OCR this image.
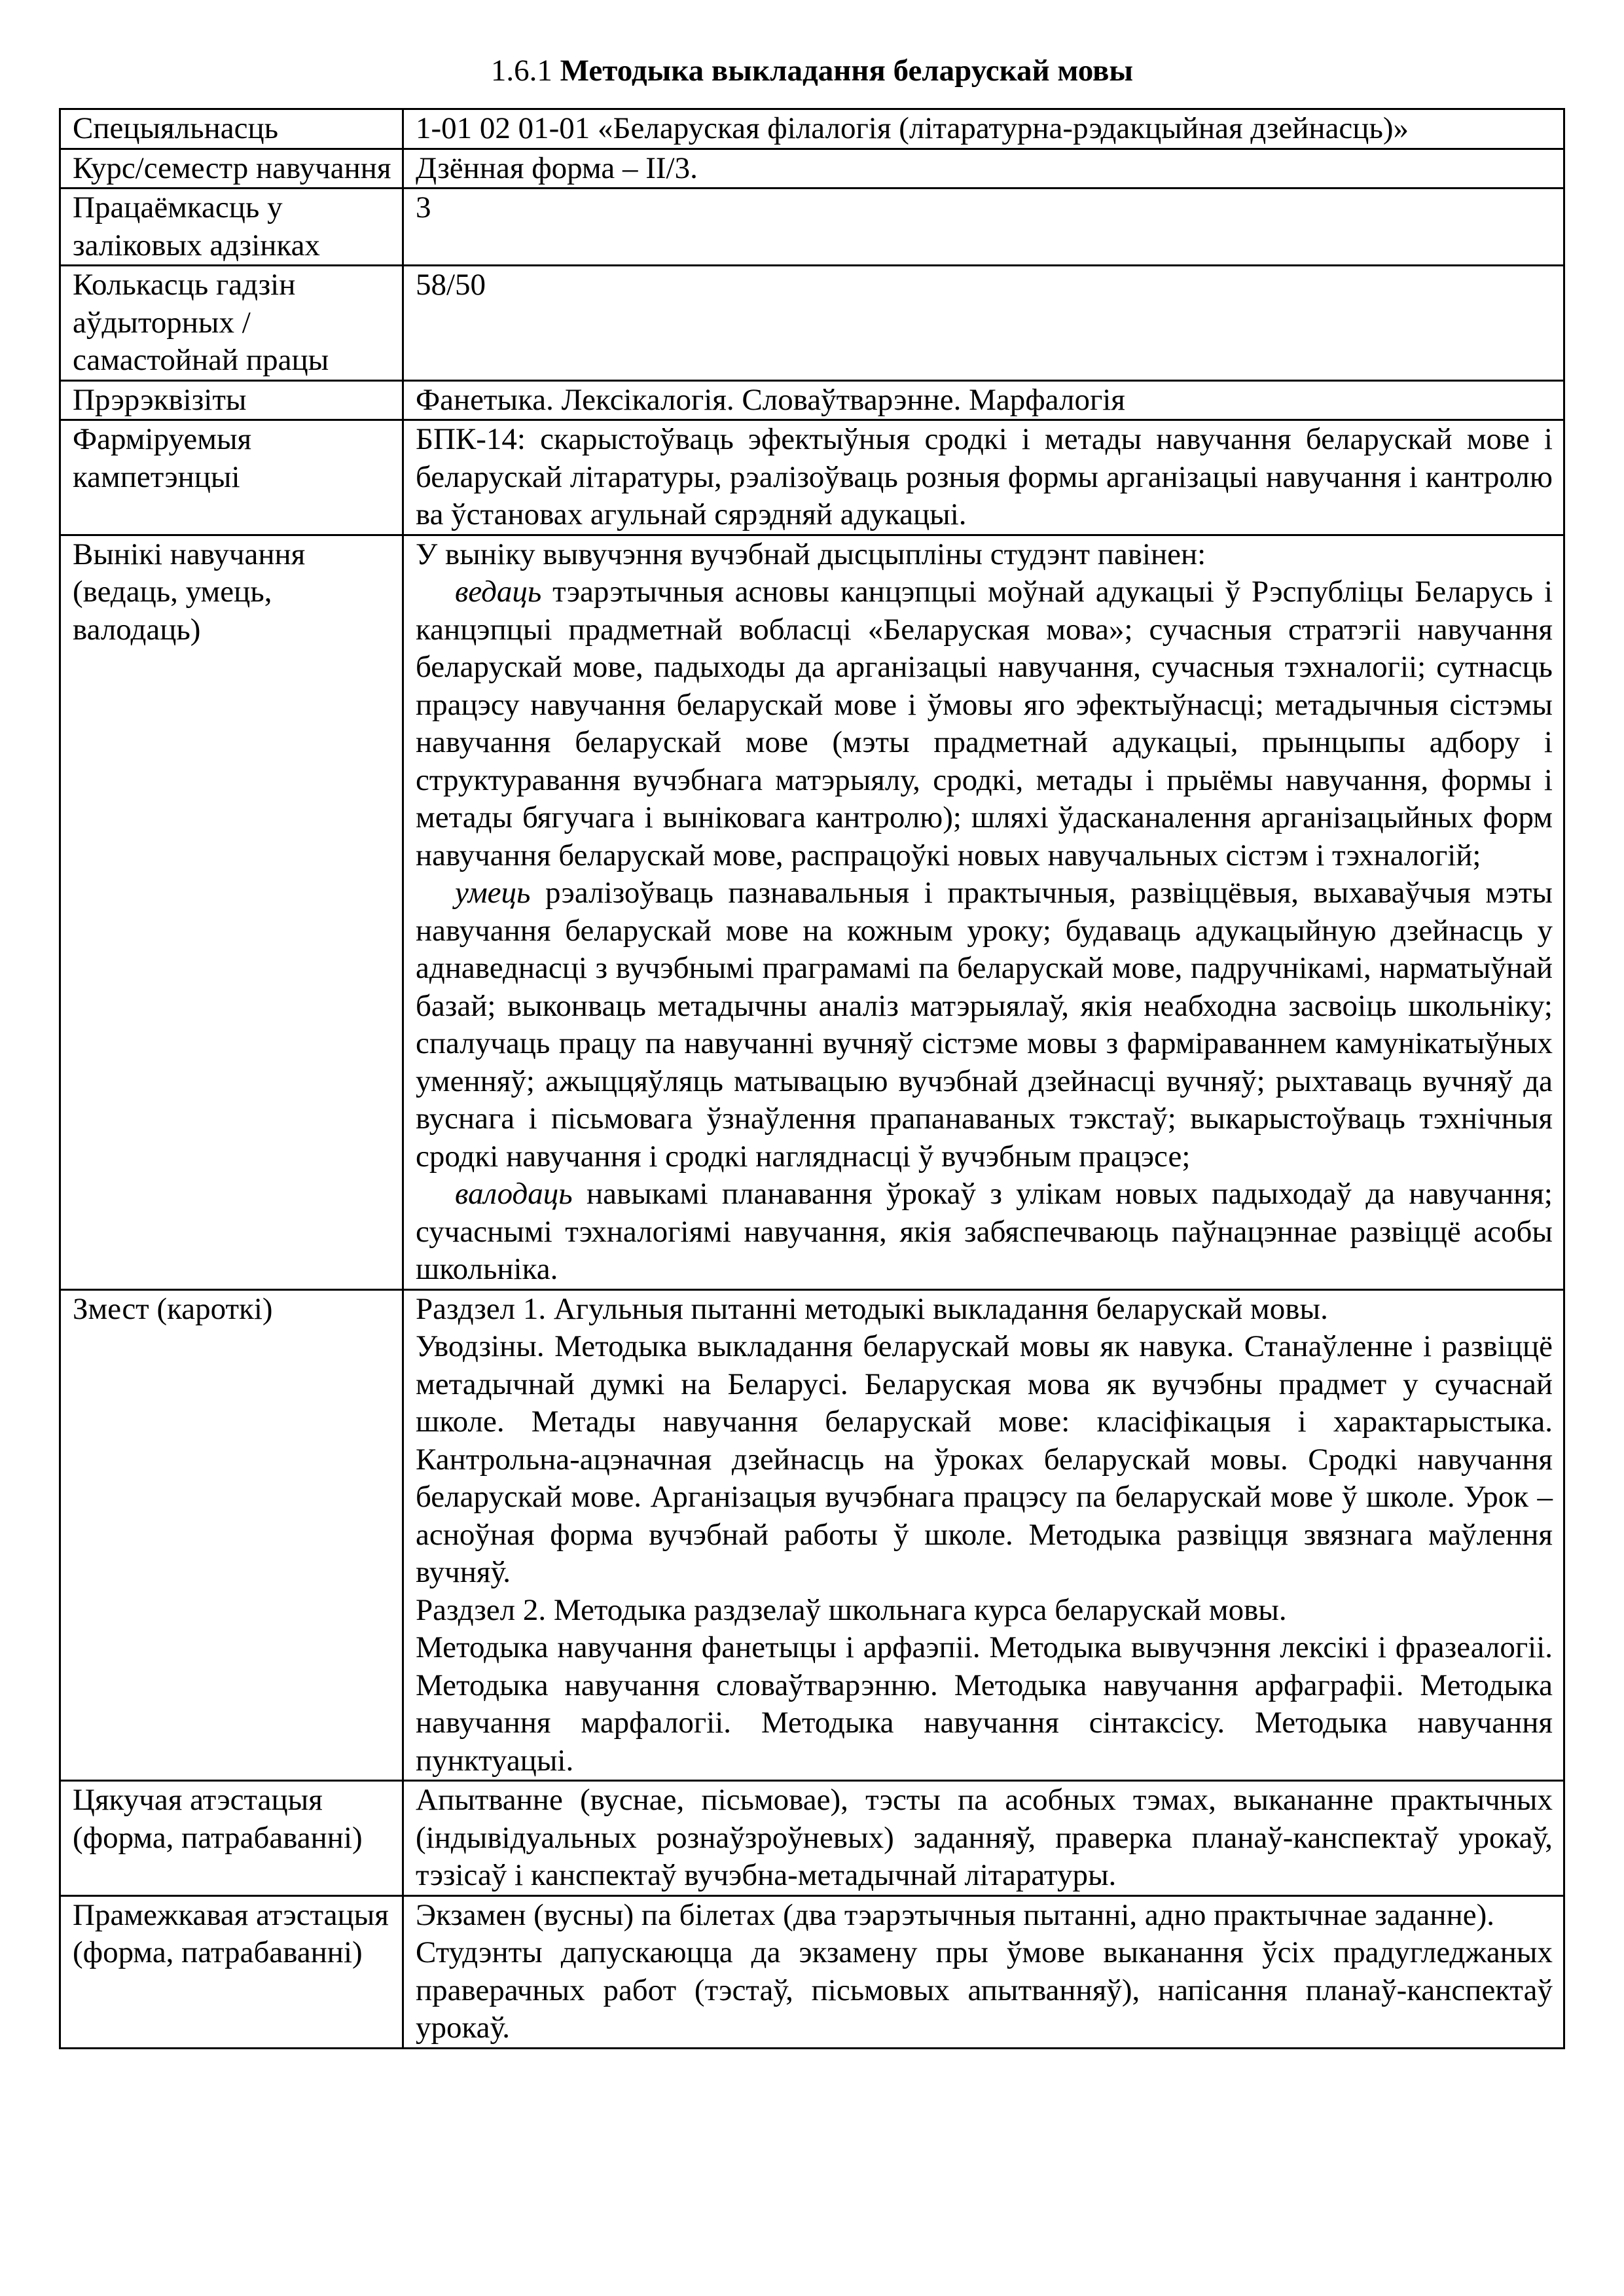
1.6.1 Методыка выкладання беларускай мовы
Спецыяльнасць	1-01 02 01-01 «Беларуская філалогія (літаратурна-рэдакцыйная дзейнасць)»
Курс/семестр навучання	Дзённая форма – II/3.
Працаёмкасць у заліковых адзінках	3
Колькасць гадзін аўдыторных / самастойнай працы	58/50
Прэрэквізіты	Фанетыка. Лексікалогія. Словаўтварэнне. Марфалогія
Фарміруемыя кампетэнцыі	БПК-14: скарыстоўваць эфектыўныя сродкі і метады навучання беларускай мове і беларускай літаратуры, рэалізоўваць розныя формы арганізацыі навучання і кантролю ва ўстановах агульнай сярэдняй адукацыі.

Вынікі навучання (ведаць, умець, валодаць)	У выніку вывучэння вучэбнай дысцыпліны студэнт павінен:

ведаць тэарэтычныя асновы канцэпцыі моўнай адукацыі ў Рэспубліцы Беларусь і канцэпцыі прадметнай вобласці «Беларуская мова»; сучасныя стратэгіі навучання беларускай мове, падыходы да арганізацыі навучання, сучасныя тэхналогіі; сутнасць працэсу навучання беларускай мове і ўмовы яго эфектыўнасці; метадычныя сістэмы навучання беларускай мове (мэты прадметнай адукацыі, прынцыпы адбору і структуравання вучэбнага матэрыялу, сродкі, метады і прыёмы навучання, формы і метады бягучага і выніковага кантролю); шляхі ўдасканалення арганізацыйных форм навучання беларускай мове, распрацоўкі новых навучальных сістэм і тэхналогій;

умець рэалізоўваць пазнавальныя і практычныя, развіццёвыя, выхаваўчыя мэты навучання беларускай мове на кожным уроку; будаваць адукацыйную дзейнасць у аднаведнасці з вучэбнымі праграмамі па беларускай мове, падручнікамі, нарматыўнай базай; выконваць метадычны аналіз матэрыялаў, якія неабходна засвоіць школьніку; спалучаць працу па навучанні вучняў сістэме мовы з фарміраваннем камунікатыўных уменняў; ажыццяўляць матывацыю вучэбнай дзейнасці вучняў; рыхтаваць вучняў да вуснага і пісьмовага ўзнаўлення прапанаваных тэкстаў; выкарыстоўваць тэхнічныя сродкі навучання і сродкі нагляднасці ў вучэбным працэсе;

валодаць навыкамі планавання ўрокаў з улікам новых падыходаў да навучання; сучаснымі тэхналогіямі навучання, якія забяспечваюць паўнацэннае развіццё асобы школьніка.

Змест (кароткі)	Раздзел 1. Агульныя пытанні методыкі выкладання беларускай мовы.

Уводзіны. Методыка выкладання беларускай мовы як навука. Станаўленне і развіццё метадычнай думкі на Беларусі. Беларуская мова як вучэбны прадмет у сучаснай школе. Метады навучання беларускай мове: класіфікацыя і характарыстыка. Кантрольна-ацэначная дзейнасць на ўроках беларускай мовы. Сродкі навучання беларускай мове. Арганізацыя вучэбнага працэсу па беларускай мове ў школе. Урок – асноўная форма вучэбнай работы ў школе. Методыка развіцця звязнага маўлення вучняў.

Раздзел 2. Методыка раздзелаў школьнага курса беларускай мовы.

Методыка навучання фанетыцы і арфаэпіі. Методыка вывучэння лексікі і фразеалогіі. Методыка навучання словаўтварэнню. Методыка навучання арфаграфіі. Методыка навучання марфалогіі. Методыка навучання сінтаксісу. Методыка навучання пунктуацыі.

Цякучая атэстацыя (форма, патрабаванні)	Апытванне (вуснае, пісьмовае), тэсты па асобных тэмах, выкананне практычных (індывідуальных рознаўзроўневых) заданняў, праверка планаў-канспектаў урокаў, тэзісаў і канспектаў вучэбна-метадычнай літаратуры.

Прамежкавая атэстацыя (форма, патрабаванні)	Экзамен (вусны) па білетах (два тэарэтычныя пытанні, адно практычнае заданне).

Студэнты дапускаюцца да экзамену пры ўмове выканання ўсіх прадугледжаных праверачных работ (тэстаў, пісьмовых апытванняў), напісання планаў-канспектаў урокаў.
